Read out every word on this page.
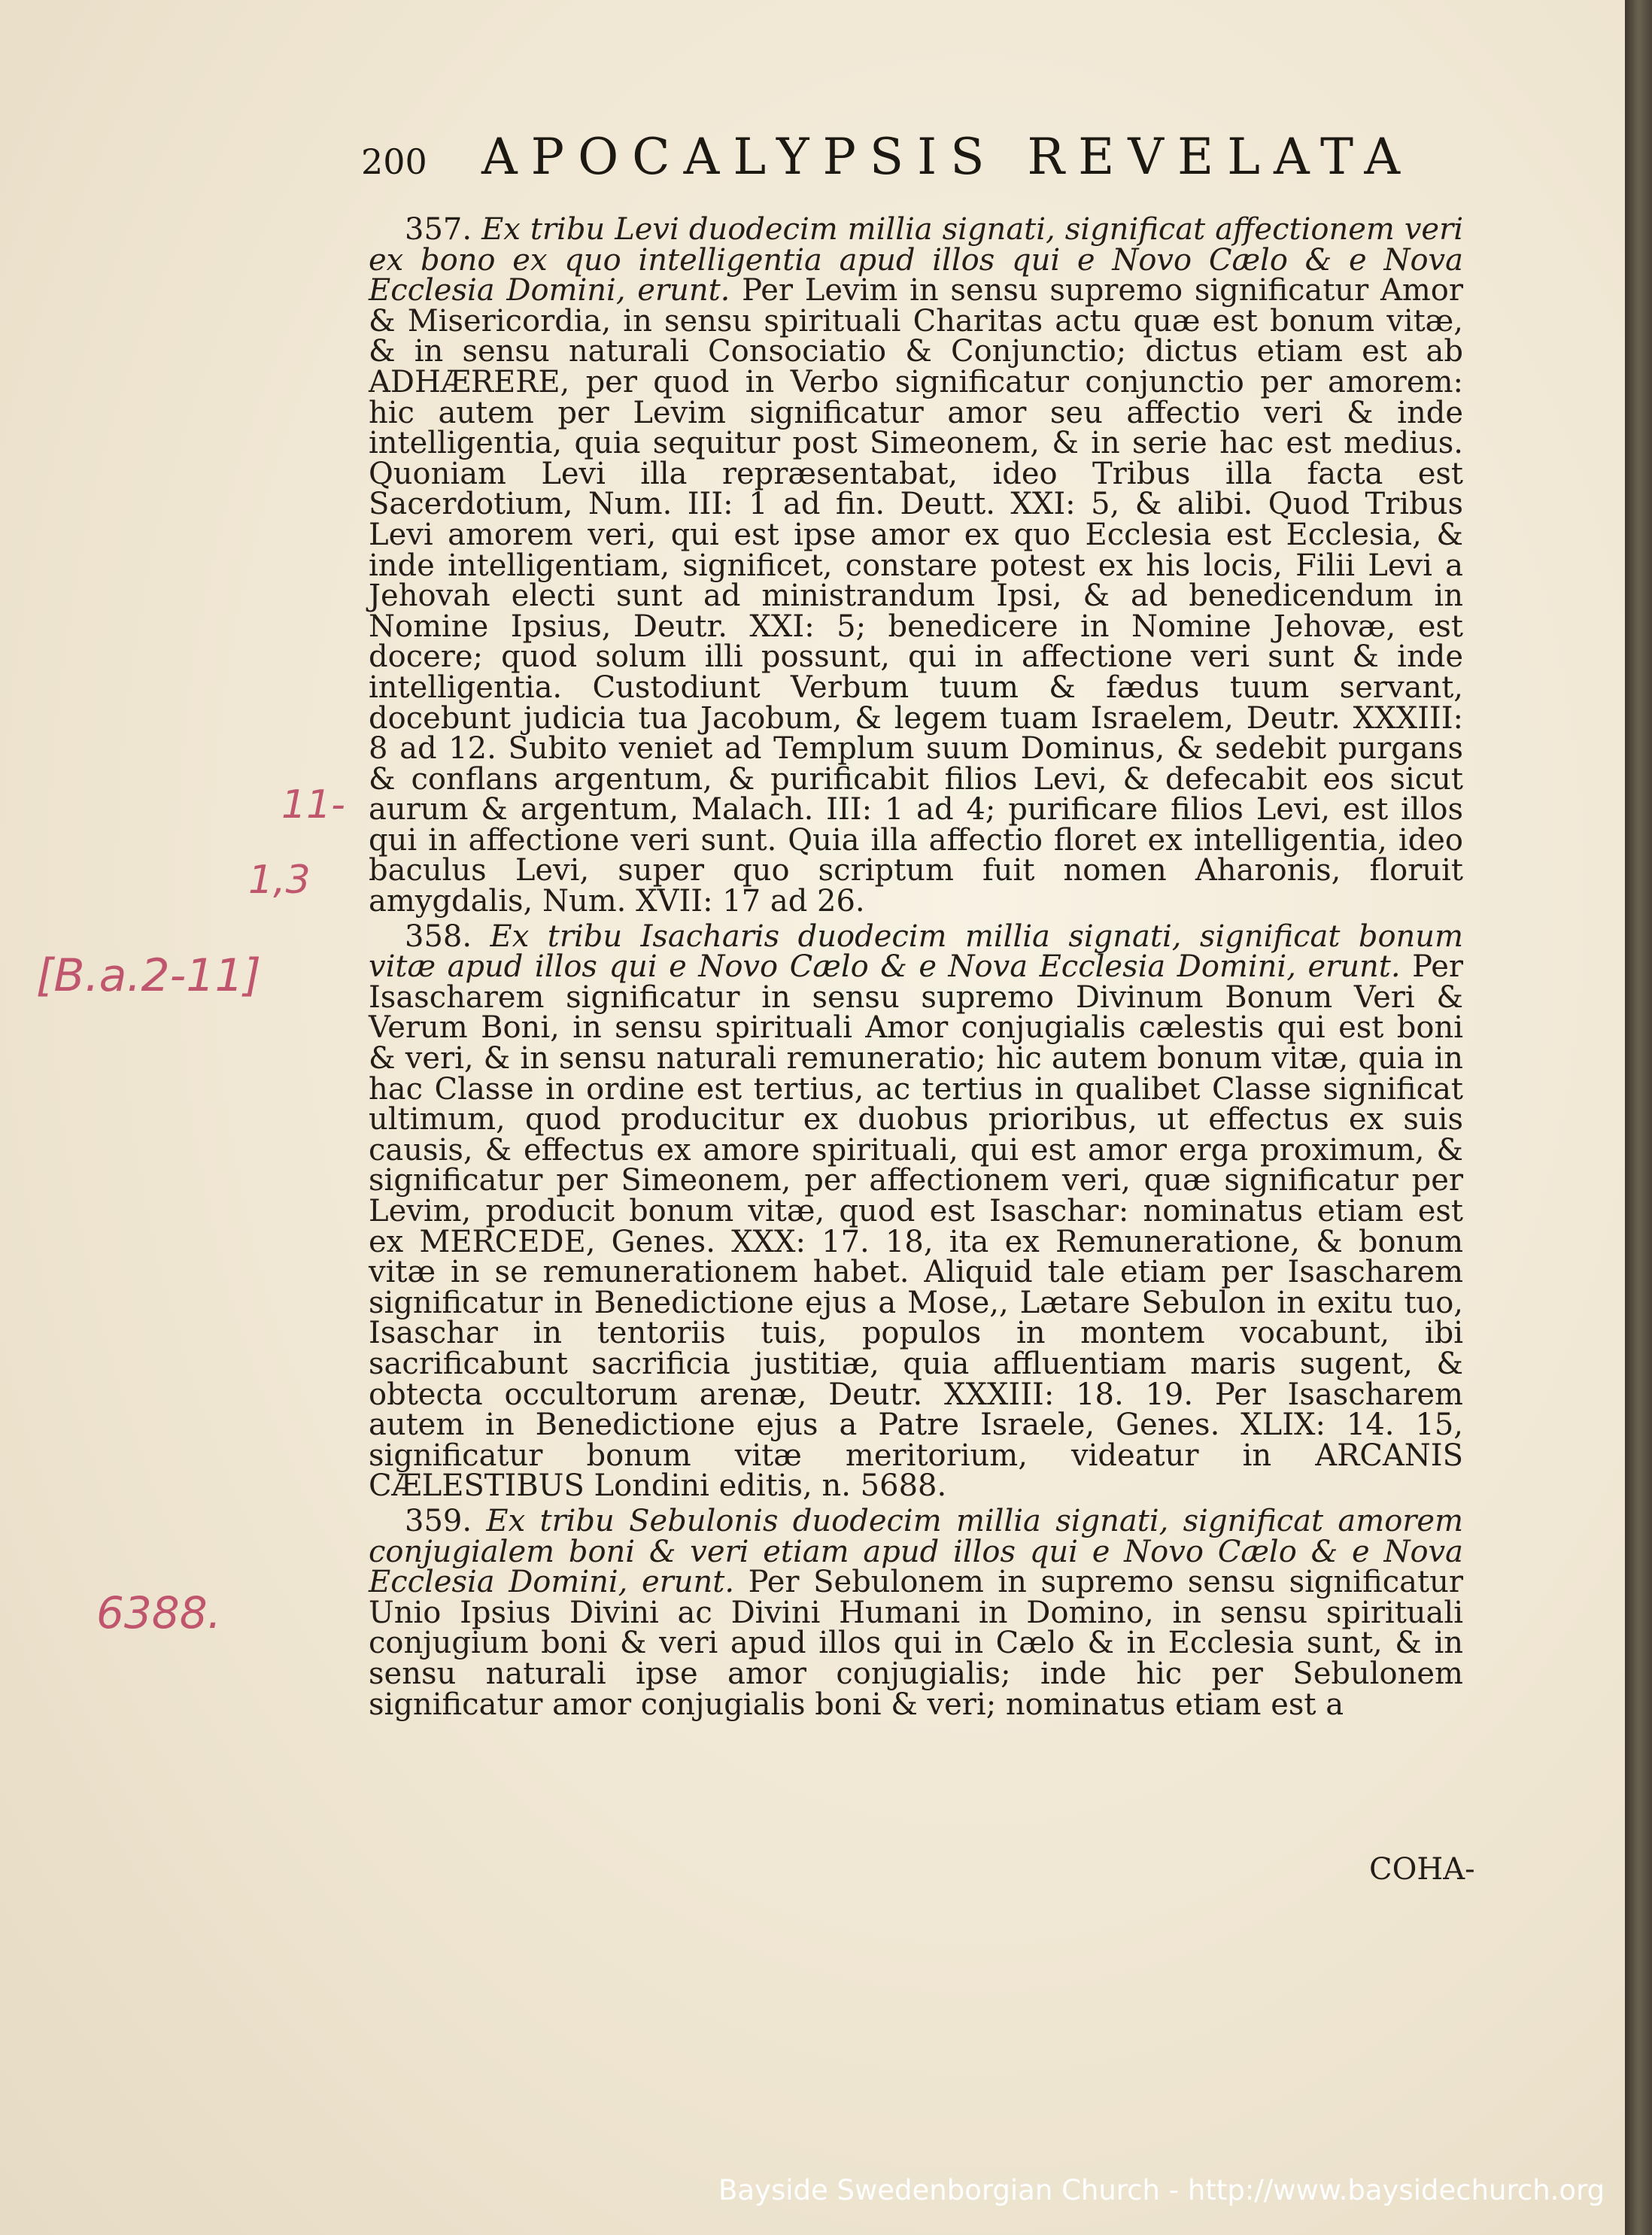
200 APOCALYPSIS REVELATA

357. Ex tribu Levi duodecim millia signati, significat affectionem veri ex bono ex quo intelligentia apud illos qui e Novo Cælo & e Nova Ecclesia Domini, erunt. Per Levim in sensu supremo significatur Amor & Misericordia, in sensu spirituali Charitas actu quæ est bonum vitæ, & in sensu naturali Consociatio & Conjunctio; dictus etiam est ab ADHÆRERE, per quod in Verbo significatur conjunctio per amorem: hic autem per Levim significatur amor seu affectio veri & inde intelligentia, quia sequitur post Simeonem, & in serie hac est medius. Quoniam Levi illa repræsentabat, ideo Tribus illa facta est Sacerdotium, Num. III: 1 ad fin. Deutt. XXI: 5, & alibi. Quod Tribus Levi amorem veri, qui est ipse amor ex quo Ecclesia est Ecclesia, & inde intelligentiam, significet, constare potest ex his locis, Filii Levi a Jehovah electi sunt ad ministrandum Ipsi, & ad benedicendum in Nomine Ipsius, Deutr. XXI: 5; benedicere in Nomine Jehovæ, est docere; quod solum illi possunt, qui in affectione veri sunt & inde intelligentia. Custodiunt Verbum tuum & fædus tuum servant, docebunt judicia tua Jacobum, & legem tuam Israelem, Deutr. XXXIII: 8 ad 12. Subito veniet ad Templum suum Dominus, & sedebit purgans & conflans argentum, & purificabit filios Levi, & defecabit eos sicut aurum & argentum, Malach. III: 1 ad 4; purificare filios Levi, est illos qui in affectione veri sunt. Quia illa affectio floret ex intelligentia, ideo baculus Levi, super quo scriptum fuit nomen Aharonis, floruit amygdalis, Num. XVII: 17 ad 26.

358. Ex tribu Isacharis duodecim millia signati, significat bonum vitæ apud illos qui e Novo Cælo & e Nova Ecclesia Domini, erunt. Per Isascharem significatur in sensu supremo Divinum Bonum Veri & Verum Boni, in sensu spirituali Amor conjugialis cælestis qui est boni & veri, & in sensu naturali remuneratio; hic autem bonum vitæ, quia in hac Classe in ordine est tertius, ac tertius in qualibet Classe significat ultimum, quod producitur ex duobus prioribus, ut effectus ex suis causis, & effectus ex amore spirituali, qui est amor erga proximum, & significatur per Simeonem, per affectionem veri, quæ significatur per Levim, producit bonum vitæ, quod est Isaschar: nominatus etiam est ex MERCEDE, Genes. XXX: 17. 18, ita ex Remuneratione, & bonum vitæ in se remunerationem habet. Aliquid tale etiam per Isascharem significatur in Benedictione ejus a Mose,, Lætare Sebulon in exitu tuo, Isaschar in tentoriis tuis, populos in montem vocabunt, ibi sacrificabunt sacrificia justitiæ, quia affluentiam maris sugent, & obtecta occultorum arenæ, Deutr. XXXIII: 18. 19. Per Isascharem autem in Benedictione ejus a Patre Israele, Genes. XLIX: 14. 15, significatur bonum vitæ meritorium, videatur in ARCANIS CÆLESTIBUS Londini editis, n. 5688.

359. Ex tribu Sebulonis duodecim millia signati, significat amorem conjugialem boni & veri etiam apud illos qui e Novo Cælo & e Nova Ecclesia Domini, erunt. Per Sebulonem in supremo sensu significatur Unio Ipsius Divini ac Divini Humani in Domino, in sensu spirituali conjugium boni & veri apud illos qui in Cælo & in Ecclesia sunt, & in sensu naturali ipse amor conjugialis; inde hic per Sebulonem significatur amor conjugialis boni & veri; nominatus etiam est a

COHA-
11-
1,3
[B.a.2-11]
6388.
Bayside Swedenborgian Church - http://www.baysidechurch.org
